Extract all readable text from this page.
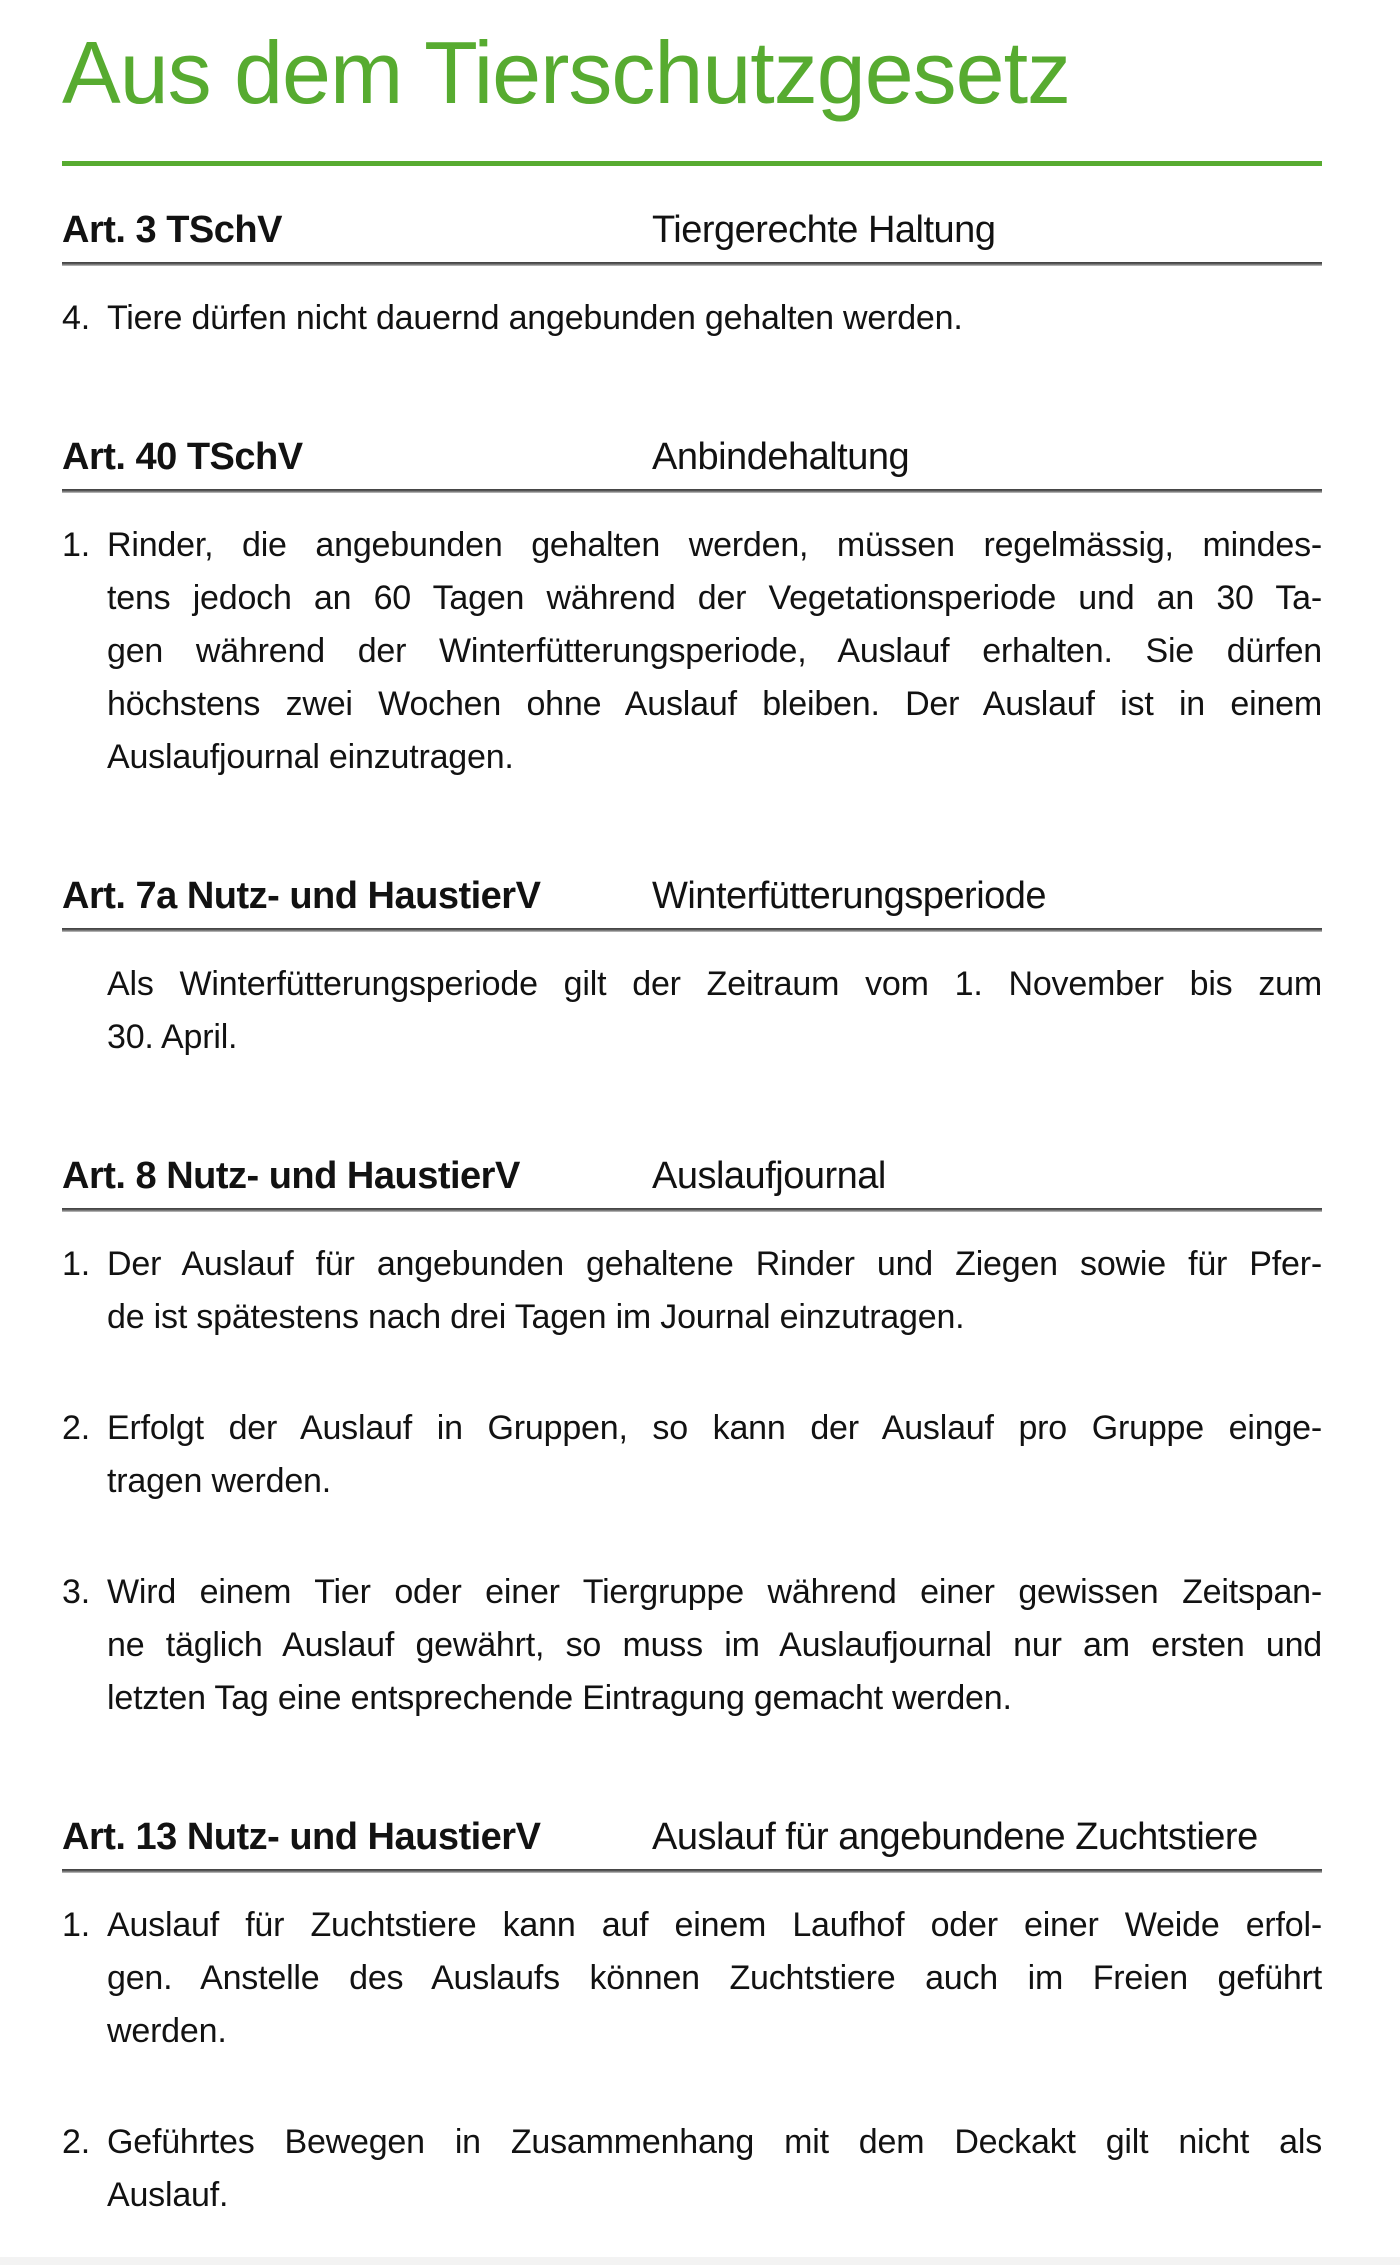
Aus dem Tierschutzgesetz
Art. 3 TSchV	Tiergerechte Haltung
4. Tiere dürfen nicht dauernd angebunden gehalten werden.
Art. 40 TSchV	Anbindehaltung
1. Rinder, die angebunden gehalten werden, müssen regelmässig, mindes-
tens jedoch an 60 Tagen während der Vegetationsperiode und an 30 Ta-
gen während der Winterfütterungsperiode, Auslauf erhalten. Sie dürfen
höchstens zwei Wochen ohne Auslauf bleiben. Der Auslauf ist in einem
Auslaufjournal einzutragen.
Art. 7a Nutz- und HaustierV	Winterfütterungsperiode
Als Winterfütterungsperiode gilt der Zeitraum vom 1. November bis zum
30. April.
Art. 8 Nutz- und HaustierV	Auslaufjournal
1. Der Auslauf für angebunden gehaltene Rinder und Ziegen sowie für Pfer-
de ist spätestens nach drei Tagen im Journal einzutragen.
2. Erfolgt der Auslauf in Gruppen, so kann der Auslauf pro Gruppe einge-
tragen werden.
3. Wird einem Tier oder einer Tiergruppe während einer gewissen Zeitspan-
ne täglich Auslauf gewährt, so muss im Auslaufjournal nur am ersten und
letzten Tag eine entsprechende Eintragung gemacht werden.
Art. 13 Nutz- und HaustierV	Auslauf für angebundene Zuchtstiere
1. Auslauf für Zuchtstiere kann auf einem Laufhof oder einer Weide erfol-
gen. Anstelle des Auslaufs können Zuchtstiere auch im Freien geführt
werden.
2. Geführtes Bewegen in Zusammenhang mit dem Deckakt gilt nicht als
Auslauf.
